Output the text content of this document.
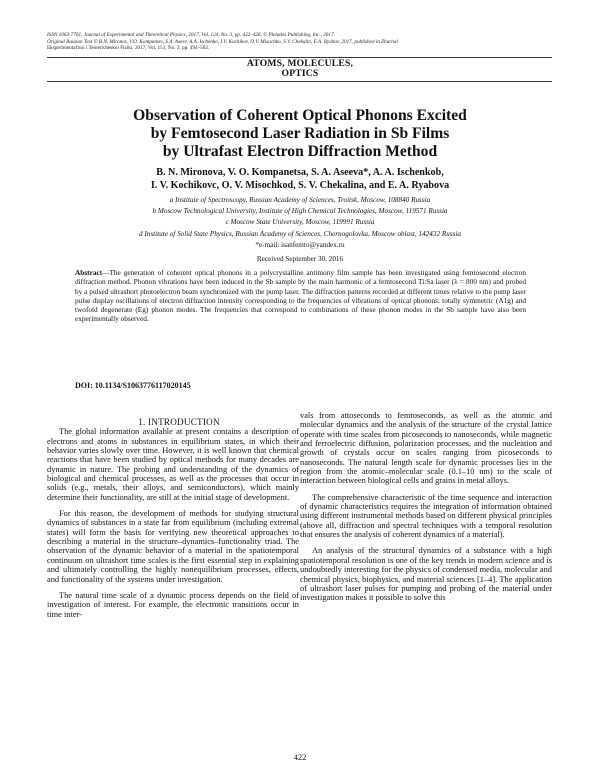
ISSN 1063-7761, Journal of Experimental and Theoretical Physics, 2017, Vol. 124, No. 3, pp. 422–426. © Pleiades Publishing, Inc., 2017.
Original Russian Text © B.N. Mironov, V.O. Kompanets, S.A. Aseev, A.A. Ischenko, I.V. Kochikov, O.V. Misochko, S.V. Chekalin, E.A. Ryabov, 2017, published in Zhurnal
Eksperimental'noi i Teoreticheskoi Fiziki, 2017, Vol. 151, No. 3, pp. 494–502.
ATOMS, MOLECULES,
OPTICS
Observation of Coherent Optical Phonons Excited
by Femtosecond Laser Radiation in Sb Films
by Ultrafast Electron Diffraction Method
B. N. Mironova, V. O. Kompanetsa, S. A. Aseeva*, A. A. Ischenkob,
I. V. Kochikovc, O. V. Misochkod, S. V. Chekalina, and E. A. Ryabova
a Institute of Spectroscopy, Russian Academy of Sciences, Troitsk, Moscow, 108840 Russia
b Moscow Technological University, Institute of High Chemical Technologies, Moscow, 119571 Russia
c Moscow State University, Moscow, 119991 Russia
d Institute of Solid State Physics, Russian Academy of Sciences, Chernogolovka, Moscow oblast, 142432 Russia
*e-mail: isanfemto@yandex.ru
Received September 30, 2016
Abstract—The generation of coherent optical phonons in a polycrystalline antimony film sample has been investigated using femtosecond electron diffraction method. Phonon vibrations have been induced in the Sb sample by the main harmonic of a femtosecond Ti:Sa laser (λ = 800 nm) and probed by a pulsed ultrashort photoelectron beam synchronized with the pump laser. The diffraction patterns recorded at different times relative to the pump laser pulse display oscillations of electron diffraction intensity corresponding to the frequencies of vibrations of optical phonons: totally symmetric (A1g) and twofold degenerate (Eg) phonon modes. The frequencies that correspond to combinations of these phonon modes in the Sb sample have also been experimentally observed.
DOI: 10.1134/S1063776117020145

1. INTRODUCTION

The global information available at present contains a description of electrons and atoms in substances in equilibrium states, in which their behavior varies slowly over time. However, it is well known that chemical reactions that have been studied by optical methods for many decades are dynamic in nature. The probing and understanding of the dynamics of biological and chemical processes, as well as the processes that occur in solids (e.g., metals, their alloys, and semiconductors), which mainly determine their functionality, are still at the initial stage of development.

For this reason, the development of methods for studying structural dynamics of substances in a state far from equilibrium (including extremal states) will form the basis for verifying new theoretical approaches to describing a material in the structure–dynamics–functionality triad. The observation of the dynamic behavior of a material in the spatiotemporal continuum on ultrashort time scales is the first essential step in explaining and ultimately controlling the highly nonequilibrium processes, effects, and functionality of the systems under investigation.

The natural time scale of a dynamic process depends on the field of investigation of interest. For example, the electronic transitions occur in time inter-

vals from attoseconds to femtoseconds, as well as the atomic and molecular dynamics and the analysis of the structure of the crystal lattice operate with time scales from picoseconds to nanoseconds, while magnetic and ferroelectric diffusion, polarization processes, and the nucleation and growth of crystals occur on scales ranging from picoseconds to nanoseconds. The natural length scale for dynamic processes lies in the region from the atomic–molecular scale (0.1–10 nm) to the scale of interaction between biological cells and grains in metal alloys.

The comprehensive characteristic of the time sequence and interaction of dynamic characteristics requires the integration of information obtained using different instrumental methods based on different physical principles (above all, diffraction and spectral techniques with a temporal resolution that ensures the analysis of coherent dynamics of a material).

An analysis of the structural dynamics of a substance with a high spatiotemporal resolution is one of the key trends in modern science and is undoubtedly interesting for the physics of condensed media, molecular and chemical physics, biophysics, and material sciences [1–4]. The application of ultrashort laser pulses for pumping and probing of the material under investigation makes it possible to solve this

422
